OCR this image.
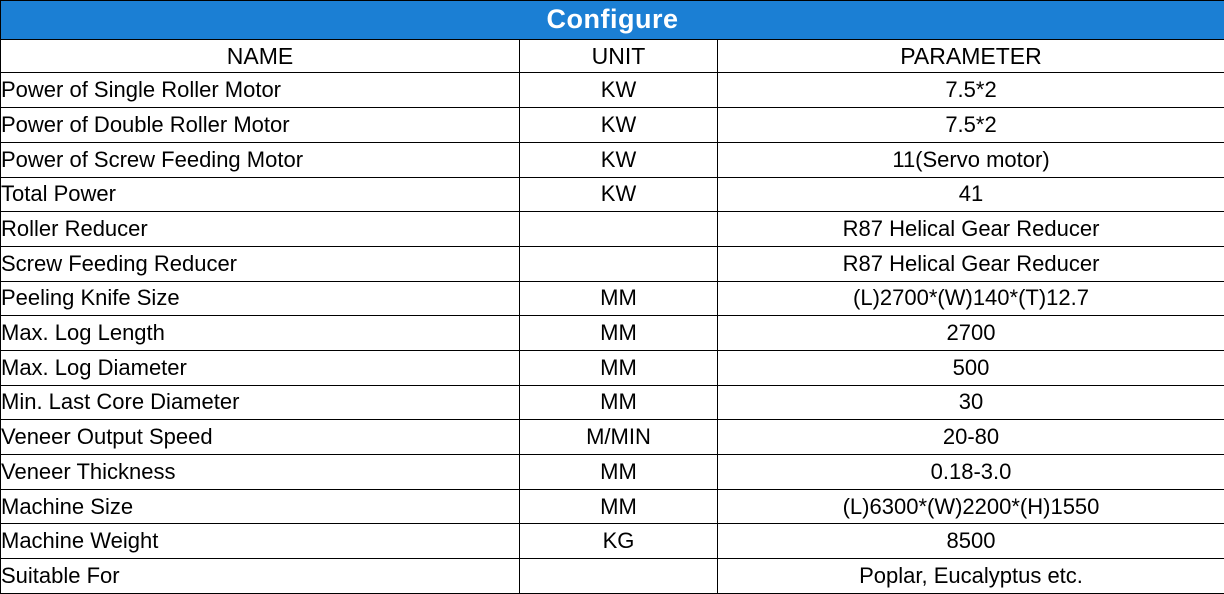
Configure		
NAME	UNIT	PARAMETER
Power of Single Roller Motor	KW	7.5*2
Power of Double Roller Motor	KW	7.5*2
Power of Screw Feeding Motor	KW	11(Servo motor)
Total Power	KW	41
Roller Reducer		R87 Helical Gear Reducer
Screw Feeding Reducer		R87 Helical Gear Reducer
Peeling Knife Size	MM	(L)2700*(W)140*(T)12.7
Max. Log Length	MM	2700
Max. Log Diameter	MM	500
Min. Last Core Diameter	MM	30
Veneer Output Speed	M/MIN	20-80
Veneer Thickness	MM	0.18-3.0
Machine Size	MM	(L)6300*(W)2200*(H)1550
Machine Weight	KG	8500
Suitable For		Poplar, Eucalyptus etc.
